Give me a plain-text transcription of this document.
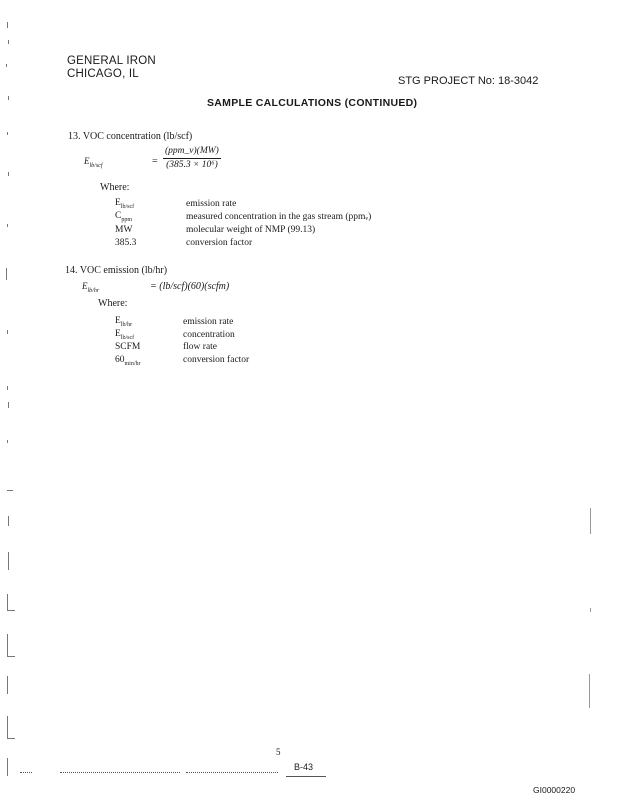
GENERAL IRON
CHICAGO, IL
STG PROJECT No: 18-3042
SAMPLE CALCULATIONS (CONTINUED)
13. VOC concentration (lb/scf)
$E_{lb/scf}$	= $\frac{\text{(ppm\_v)(MW)}}{\text{(385.3 × 10⁶)}}$
Where:
$E_{lb/scf}$	emission rate
$C_{ppm}$	measured concentration in the gas stream (ppmᵥ)
MW	molecular weight of NMP (99.13)
385.3	conversion factor
14. VOC emission (lb/hr)
$E_{lb/hr}$	= (lb/scf)(60)(scfm)
Where:
$E_{lb/hr}$	emission rate
$E_{lb/scf}$	concentration
SCFM	flow rate
$60_{min/hr}$	conversion factor
5
B-43
GI0000220
